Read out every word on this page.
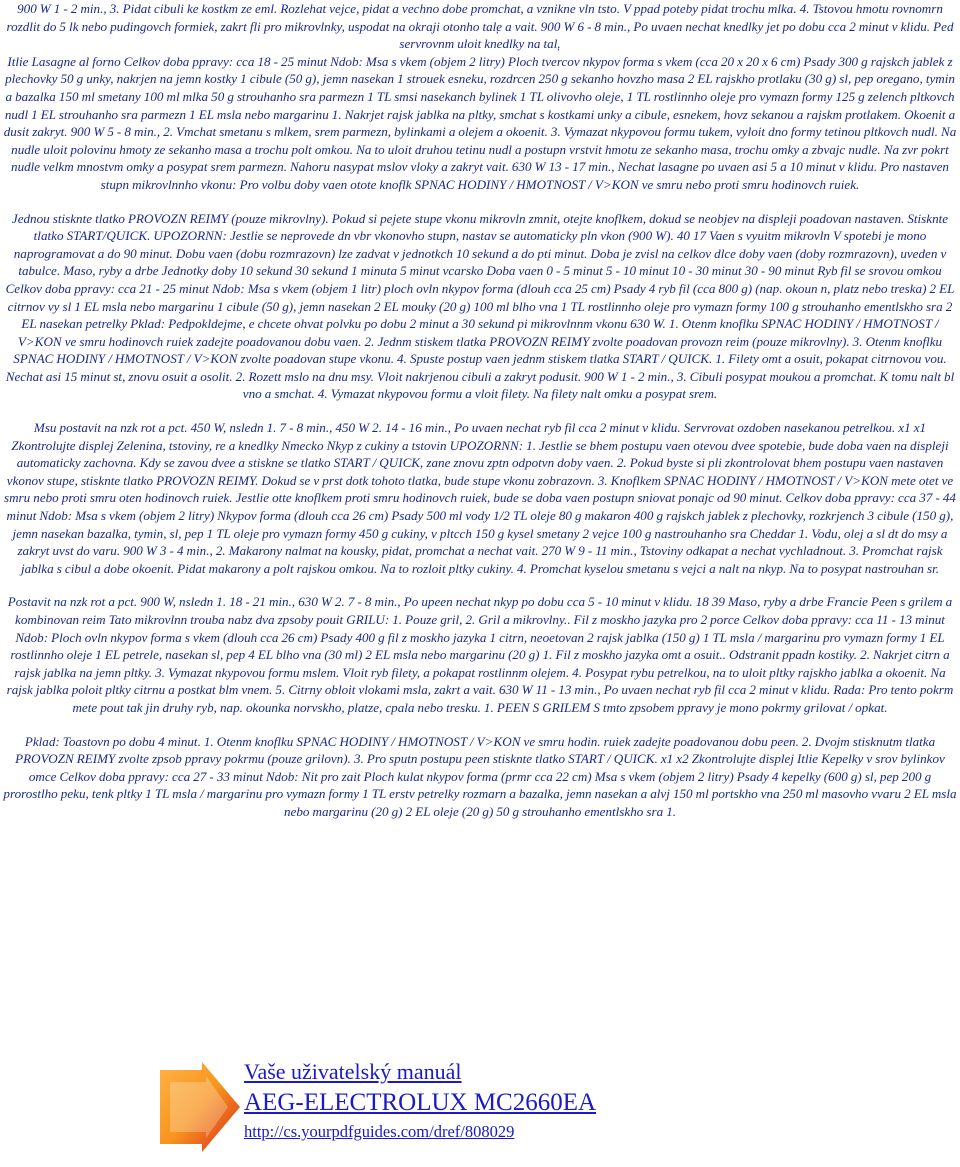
900 W 1 - 2 min., 3. Pidat cibuli ke kostkm ze eml. Rozlehat vejce, pidat a vechno dobe promchat, a vznikne vln tsto. V ppad poteby pidat trochu mlka. 4. Tstovou hmotu rovnomrn rozdlit do 5 lk nebo pudingovch formiek, zakrt fli pro mikrovlnky, uspodat na okraji otonho tal̦e a vait. 900 W 6 - 8 min., Po uvaen nechat knedlky jet po dobu cca 2 minut v klidu. Ped servrovnm uloit knedlky na tal̦.

Itlie Lasagne al forno Celkov doba ppravy: cca 18 - 25 minut Ndob: Msa s vkem (objem 2 litry) Ploch tvercov nkypov forma s vkem (cca 20 x 20 x 6 cm) Psady 300 g rajskch jablek z plechovky 50 g unky, nakrjen na jemn kostky 1 cibule (50 g), jemn nasekan 1 strouek esneku, rozdrcen 250 g sekanho hovzho masa 2 EL rajskho protlaku (30 g) sl, pep oregano, tymin a bazalka 150 ml smetany 100 ml mlka 50 g strouhanho sra parmezn 1 TL smsi nasekanch bylinek 1 TL olivovho oleje, 1 TL rostlinnho oleje pro vymazn formy 125 g zelench pltkovch nudl 1 EL strouhanho sra parmezn 1 EL msla nebo margarinu 1. Nakrjet rajsk jablka na pltky, smchat s kostkami unky a cibule, esnekem, hovz sekanou a rajskm protlakem. Okoenit a dusit zakryt. 900 W 5 - 8 min., 2. Vmchat smetanu s mlkem, srem parmezn, bylinkami a olejem a okoenit. 3. Vymazat nkypovou formu tukem, vyloit dno formy tetinou pltkovch nudl. Na nudle uloit polovinu hmoty ze sekanho masa a trochu polt omkou. Na to uloit druhou tetinu nudl a postupn vrstvit hmotu ze sekanho masa, trochu omky a zbvajc nudle. Na zvr pokrt nudle velkm mnostvm omky a posypat srem parmezn. Nahoru nasypat mslov vloky a zakryt vait. 630 W 13 - 17 min., Nechat lasagne po uvaen asi 5 a 10 minut v klidu. Pro nastaven stupn mikrovlnnho vkonu: Pro volbu doby vaen otote knoflk SPNAC HODINY / HMOTNOST / V>KON ve smru nebo proti smru hodinovch ruiek.

Jednou stisknte tlatko PROVOZN REIMY (pouze mikrovlny). Pokud si pejete stupe vkonu mikrovln zmnit, otejte knoflkem, dokud se neobjev na displeji poadovan nastaven. Stisknte tlatko START/QUICK. UPOZORNN: Jestlie se neprovede dn vbr vkonovho stupn, nastav se automaticky pln vkon (900 W). 40 17 Vaen s vyuitm mikrovln V spotebi je mono naprogramovat a do 90 minut. Dobu vaen (dobu rozmrazovn) lze zadvat v jednotkch 10 sekund a do pti minut. Doba je zvisl na celkov dlce doby vaen (doby rozmrazovn), uveden v tabulce. Maso, ryby a drbe Jednotky doby 10 sekund 30 sekund 1 minuta 5 minut vcarsko Doba vaen 0 - 5 minut 5 - 10 minut 10 - 30 minut 30 - 90 minut Ryb fil se srovou omkou Celkov doba ppravy: cca 21 - 25 minut Ndob: Msa s vkem (objem 1 litr) ploch ovln nkypov forma (dlouh cca 25 cm) Psady 4 ryb fil (cca 800 g) (nap. okoun n, platz nebo treska) 2 EL citrnov vy sl 1 EL msla nebo margarinu 1 cibule (50 g), jemn nasekan 2 EL mouky (20 g) 100 ml blho vna 1 TL rostlinnho oleje pro vymazn formy 100 g strouhanho ementlskho sra 2 EL nasekan petrelky Pklad: Pedpokldejme, e chcete ohvat polvku po dobu 2 minut a 30 sekund pi mikrovlnnm vkonu 630 W. 1. Otenm knoflku SPNAC HODINY / HMOTNOST / V>KON ve smru hodinovch ruiek zadejte poadovanou dobu vaen. 2. Jednm stiskem tlatka PROVOZN REIMY zvolte poadovan provozn reim (pouze mikrovlny). 3. Otenm knoflku SPNAC HODINY / HMOTNOST / V>KON zvolte poadovan stupe vkonu. 4. Spuste postup vaen jednm stiskem tlatka START / QUICK. 1. Filety omt a osuit, pokapat citrnovou vou. Nechat asi 15 minut st, znovu osuit a osolit. 2. Rozett mslo na dnu msy. Vloit nakrjenou cibuli a zakryt podusit. 900 W 1 - 2 min., 3. Cibuli posypat moukou a promchat. K tomu nalt bl vno a smchat. 4. Vymazat nkypovou formu a vloit filety. Na filety nalt omku a posypat srem.

Msu postavit na nzk rot a pct. 450 W, nsledn 1. 7 - 8 min., 450 W 2. 14 - 16 min., Po uvaen nechat ryb fil cca 2 minut v klidu. Servrovat ozdoben nasekanou petrelkou. x1 x1 Zkontrolujte displej Zelenina, tstoviny, re a knedlky Nmecko Nkyp z cukiny a tstovin UPOZORNN: 1. Jestlie se bhem postupu vaen otevou dvee spotebie, bude doba vaen na displeji automaticky zachovna. Kdy se zavou dvee a stiskne se tlatko START / QUICK, zane znovu zptn odpotvn doby vaen. 2. Pokud byste si pli zkontrolovat bhem postupu vaen nastaven vkonov stupe, stisknte tlatko PROVOZN REIMY. Dokud se v prst dotk tohoto tlatka, bude stupe vkonu zobrazovn. 3. Knoflkem SPNAC HODINY / HMOTNOST / V>KON mete otet ve smru nebo proti smru oten hodinovch ruiek. Jestlie otte knoflkem proti smru hodinovch ruiek, bude se doba vaen postupn sniovat ponajc od 90 minut. Celkov doba ppravy: cca 37 - 44 minut Ndob: Msa s vkem (objem 2 litry) Nkypov forma (dlouh cca 26 cm) Psady 500 ml vody 1/2 TL oleje 80 g makaron 400 g rajskch jablek z plechovky, rozkrjench 3 cibule (150 g), jemn nasekan bazalka, tymin, sl, pep 1 TL oleje pro vymazn formy 450 g cukiny, v pltcch 150 g kysel smetany 2 vejce 100 g nastrouhanho sra Cheddar 1. Vodu, olej a sl dt do msy a zakryt uvst do varu. 900 W 3 - 4 min., 2. Makarony nalmat na kousky, pidat, promchat a nechat vait. 270 W 9 - 11 min., Tstoviny odkapat a nechat vychladnout. 3. Promchat rajsk jablka s cibul a dobe okoenit. Pidat makarony a polt rajskou omkou. Na to rozloit pltky cukiny. 4. Promchat kyselou smetanu s vejci a nalt na nkyp. Na to posypat nastrouhan sr.

Postavit na nzk rot a pct. 900 W, nsledn 1. 18 - 21 min., 630 W 2. 7 - 8 min., Po upeen nechat nkyp po dobu cca 5 - 10 minut v klidu. 18 39 Maso, ryby a drbe Francie Peen s grilem a kombinovan reim Tato mikrovlnn trouba nabz dva zpsoby pouit GRILU: 1. Pouze gril, 2. Gril a mikrovlny.. Fil z moskho jazyka pro 2 porce Celkov doba ppravy: cca 11 - 13 minut Ndob: Ploch ovln nkypov forma s vkem (dlouh cca 26 cm) Psady 400 g fil z moskho jazyka 1 citrn, neoetovan 2 rajsk jablka (150 g) 1 TL msla / margarinu pro vymazn formy 1 EL rostlinnho oleje 1 EL petrele, nasekan sl, pep 4 EL blho vna (30 ml) 2 EL msla nebo margarinu (20 g) 1. Fil z moskho jazyka omt a osuit.. Odstranit ppadn kostiky. 2. Nakrjet citrn a rajsk jablka na jemn pltky. 3. Vymazat nkypovou formu mslem. Vloit ryb filety, a pokapat rostlinnm olejem. 4. Posypat rybu petrelkou, na to uloit pltky rajskho jablka a okoenit. Na rajsk jablka poloit pltky citrnu a postkat blm vnem. 5. Citrny obloit vlokami msla, zakrt a vait. 630 W 11 - 13 min., Po uvaen nechat ryb fil cca 2 minut v klidu. Rada: Pro tento pokrm mete pout tak jin druhy ryb, nap. okounka norvskho, platze, cpala nebo tresku. 1. PEEN S GRILEM S tmto zpsobem ppravy je mono pokrmy grilovat / opkat.

Pklad: Toastovn po dobu 4 minut. 1. Otenm knoflku SPNAC HODINY / HMOTNOST / V>KON ve smru hodin. ruiek zadejte poadovanou dobu peen. 2. Dvojm stisknutm tlatka PROVOZN REIMY zvolte zpsob ppravy pokrmu (pouze grilovn). 3. Pro sputn postupu peen stisknte tlatko START / QUICK. x1 x2 Zkontrolujte displej Itlie Kepelky v srov bylinkov omce Celkov doba ppravy: cca 27 - 33 minut Ndob: Nit pro zait Ploch kulat nkypov forma (prmr cca 22 cm) Msa s vkem (objem 2 litry) Psady 4 kepelky (600 g) sl, pep 200 g prorostlho peku, tenk pltky 1 TL msla / margarinu pro vymazn formy 1 TL erstv petrelky rozmarn a bazalka, jemn nasekan a alvj 150 ml portskho vna 250 ml masovho vvaru 2 EL msla nebo margarinu (20 g) 2 EL oleje (20 g) 50 g strouhanho ementlskho sra 1.

Vaše uživatelský manuál
AEG-ELECTROLUX MC2660EA
http://cs.yourpdfguides.com/dref/808029
